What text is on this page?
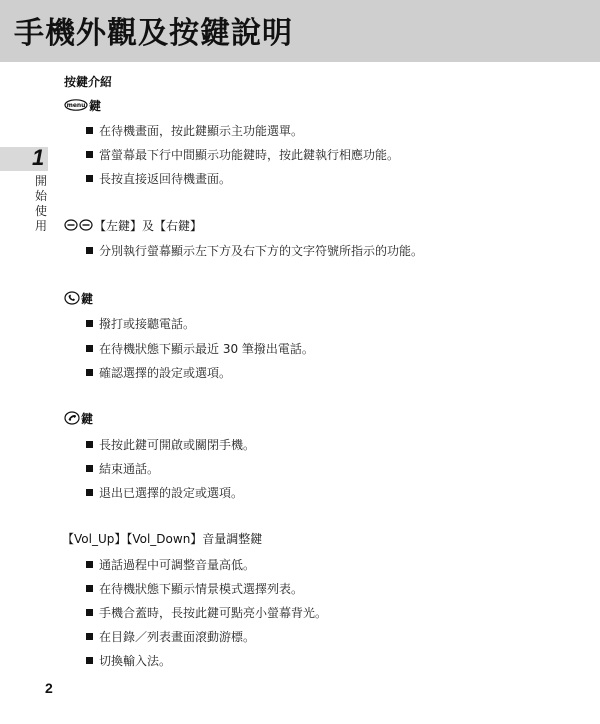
手機外觀及按鍵說明
1
開始使用
按鍵介紹
menu 鍵
在待機畫面，按此鍵顯示主功能選單。
當螢幕最下行中間顯示功能鍵時，按此鍵執行相應功能。
長按直接返回待機畫面。
【左鍵】及【右鍵】
分別執行螢幕顯示左下方及右下方的文字符號所指示的功能。
鍵
撥打或接聽電話。
在待機狀態下顯示最近 30 筆撥出電話。
確認選擇的設定或選項。
鍵
長按此鍵可開啟或關閉手機。
結束通話。
退出已選擇的設定或選項。
【Vol_Up】【Vol_Down】音量調整鍵
通話過程中可調整音量高低。
在待機狀態下顯示情景模式選擇列表。
手機合蓋時，長按此鍵可點亮小螢幕背光。
在目錄／列表畫面滾動游標。
切換輸入法。
2
